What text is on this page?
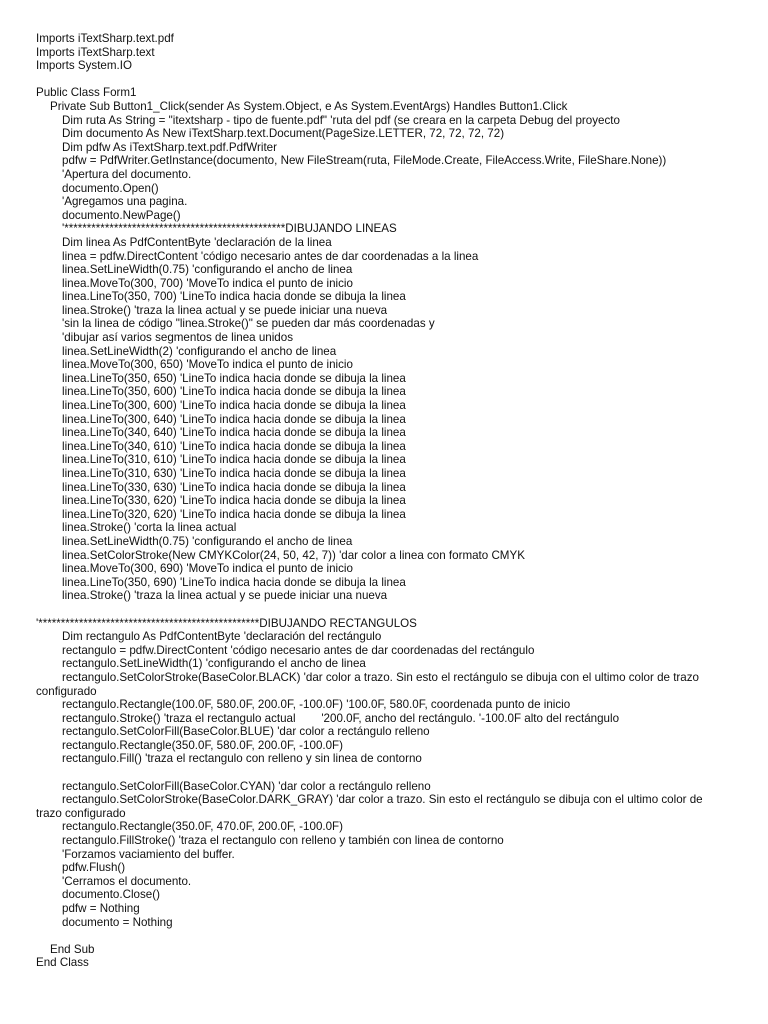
Imports iTextSharp.text.pdf
Imports iTextSharp.text
Imports System.IO
Public Class Form1
Private Sub Button1_Click(sender As System.Object, e As System.EventArgs) Handles Button1.Click
Dim ruta As String = "itextsharp - tipo de fuente.pdf" 'ruta del pdf (se creara en la carpeta Debug del proyecto
Dim documento As New iTextSharp.text.Document(PageSize.LETTER, 72, 72, 72, 72)
Dim pdfw As iTextSharp.text.pdf.PdfWriter
pdfw = PdfWriter.GetInstance(documento, New FileStream(ruta, FileMode.Create, FileAccess.Write, FileShare.None))
'Apertura del documento.
documento.Open()
'Agregamos una pagina.
documento.NewPage()
'*************************************************DIBUJANDO LINEAS
Dim linea As PdfContentByte 'declaración de la linea
linea = pdfw.DirectContent 'código necesario antes de dar coordenadas a la linea
linea.SetLineWidth(0.75) 'configurando el ancho de linea
linea.MoveTo(300, 700) 'MoveTo indica el punto de inicio
linea.LineTo(350, 700) 'LineTo indica hacia donde se dibuja la linea
linea.Stroke() 'traza la linea actual y se puede iniciar una nueva
'sin la linea de código "linea.Stroke()" se pueden dar más coordenadas y
'dibujar así varios segmentos de linea unidos
linea.SetLineWidth(2) 'configurando el ancho de linea
linea.MoveTo(300, 650) 'MoveTo indica el punto de inicio
linea.LineTo(350, 650) 'LineTo indica hacia donde se dibuja la linea
linea.LineTo(350, 600) 'LineTo indica hacia donde se dibuja la linea
linea.LineTo(300, 600) 'LineTo indica hacia donde se dibuja la linea
linea.LineTo(300, 640) 'LineTo indica hacia donde se dibuja la linea
linea.LineTo(340, 640) 'LineTo indica hacia donde se dibuja la linea
linea.LineTo(340, 610) 'LineTo indica hacia donde se dibuja la linea
linea.LineTo(310, 610) 'LineTo indica hacia donde se dibuja la linea
linea.LineTo(310, 630) 'LineTo indica hacia donde se dibuja la linea
linea.LineTo(330, 630) 'LineTo indica hacia donde se dibuja la linea
linea.LineTo(330, 620) 'LineTo indica hacia donde se dibuja la linea
linea.LineTo(320, 620) 'LineTo indica hacia donde se dibuja la linea
linea.Stroke() 'corta la linea actual
linea.SetLineWidth(0.75) 'configurando el ancho de linea
linea.SetColorStroke(New CMYKColor(24, 50, 42, 7)) 'dar color a linea con formato CMYK
linea.MoveTo(300, 690) 'MoveTo indica el punto de inicio
linea.LineTo(350, 690) 'LineTo indica hacia donde se dibuja la linea
linea.Stroke() 'traza la linea actual y se puede iniciar una nueva
'*************************************************DIBUJANDO RECTANGULOS
Dim rectangulo As PdfContentByte 'declaración del rectángulo
rectangulo = pdfw.DirectContent 'código necesario antes de dar coordenadas del rectángulo
rectangulo.SetLineWidth(1) 'configurando el ancho de linea
rectangulo.SetColorStroke(BaseColor.BLACK) 'dar color a trazo. Sin esto el rectángulo se dibuja con el ultimo color de trazo
configurado
rectangulo.Rectangle(100.0F, 580.0F, 200.0F, -100.0F) '100.0F, 580.0F, coordenada punto de inicio
rectangulo.Stroke() 'traza el rectangulo actual        '200.0F, ancho del rectángulo. '-100.0F alto del rectángulo
rectangulo.SetColorFill(BaseColor.BLUE) 'dar color a rectángulo relleno
rectangulo.Rectangle(350.0F, 580.0F, 200.0F, -100.0F)
rectangulo.Fill() 'traza el rectangulo con relleno y sin linea de contorno
rectangulo.SetColorFill(BaseColor.CYAN) 'dar color a rectángulo relleno
rectangulo.SetColorStroke(BaseColor.DARK_GRAY) 'dar color a trazo. Sin esto el rectángulo se dibuja con el ultimo color de
trazo configurado
rectangulo.Rectangle(350.0F, 470.0F, 200.0F, -100.0F)
rectangulo.FillStroke() 'traza el rectangulo con relleno y también con linea de contorno
'Forzamos vaciamiento del buffer.
pdfw.Flush()
'Cerramos el documento.
documento.Close()
pdfw = Nothing
documento = Nothing
End Sub
End Class
